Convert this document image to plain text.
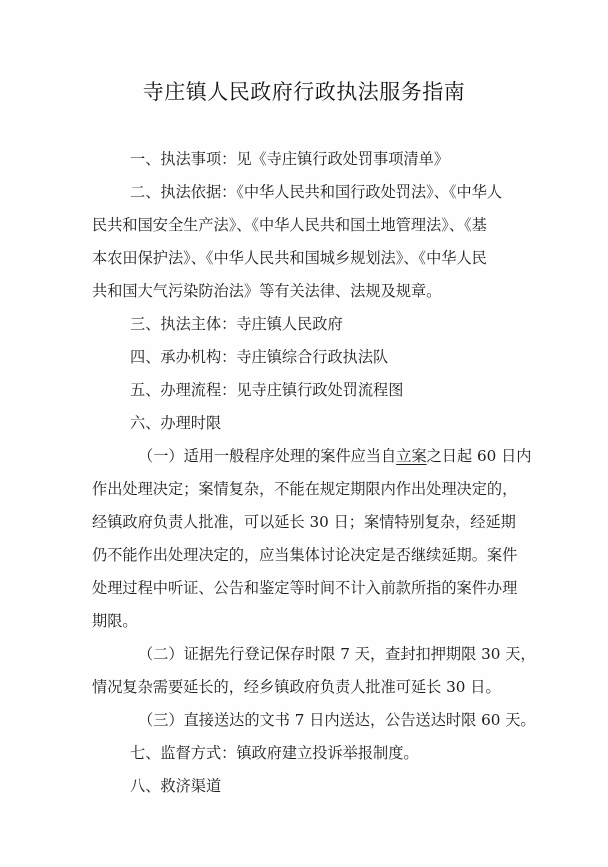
寺庄镇人民政府行政执法服务指南
一、执法事项：见《寺庄镇行政处罚事项清单》
二、执法依据：《中华人民共和国行政处罚法》、《中华人
民共和国安全生产法》、《中华人民共和国土地管理法》、《基
本农田保护法》、《中华人民共和国城乡规划法》、《中华人民
共和国大气污染防治法》等有关法律、法规及规章。
三、执法主体：寺庄镇人民政府
四、承办机构：寺庄镇综合行政执法队
五、办理流程：见寺庄镇行政处罚流程图
六、办理时限
（一）适用一般程序处理的案件应当自立案之日起 60 日内
作出处理决定；案情复杂，不能在规定期限内作出处理决定的，
经镇政府负责人批准，可以延长 30 日；案情特别复杂，经延期
仍不能作出处理决定的，应当集体讨论决定是否继续延期。案件
处理过程中听证、公告和鉴定等时间不计入前款所指的案件办理
期限。
（二）证据先行登记保存时限 7 天，查封扣押期限 30 天，
情况复杂需要延长的，经乡镇政府负责人批准可延长 30 日。
（三）直接送达的文书 7 日内送达，公告送达时限 60 天。
七、监督方式：镇政府建立投诉举报制度。
八、救济渠道
